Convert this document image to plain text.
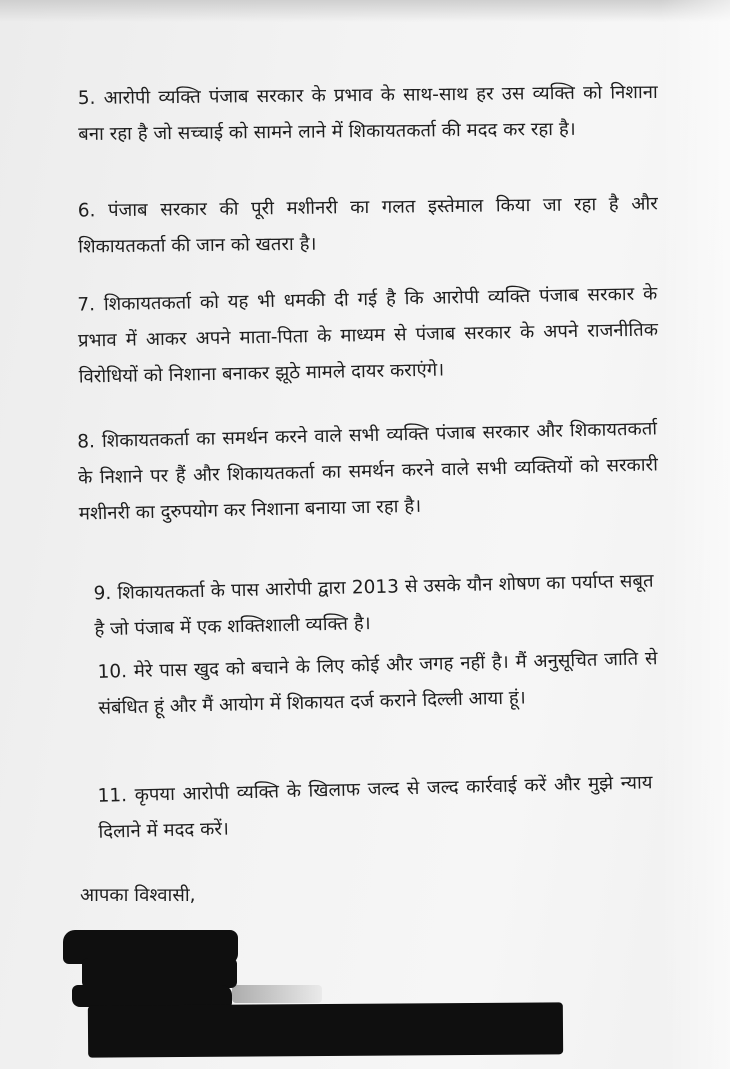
5. आरोपी व्यक्ति पंजाब सरकार के प्रभाव के साथ-साथ हर उस व्यक्ति को निशाना बना रहा है जो सच्चाई को सामने लाने में शिकायतकर्ता की मदद कर रहा है।

6. पंजाब सरकार की पूरी मशीनरी का गलत इस्तेमाल किया जा रहा है और शिकायतकर्ता की जान को खतरा है।

7. शिकायतकर्ता को यह भी धमकी दी गई है कि आरोपी व्यक्ति पंजाब सरकार के प्रभाव में आकर अपने माता-पिता के माध्यम से पंजाब सरकार के अपने राजनीतिक विरोधियों को निशाना बनाकर झूठे मामले दायर कराएंगे।

8. शिकायतकर्ता का समर्थन करने वाले सभी व्यक्ति पंजाब सरकार और शिकायतकर्ता के निशाने पर हैं और शिकायतकर्ता का समर्थन करने वाले सभी व्यक्तियों को सरकारी मशीनरी का दुरुपयोग कर निशाना बनाया जा रहा है।

9. शिकायतकर्ता के पास आरोपी द्वारा 2013 से उसके यौन शोषण का पर्याप्त सबूत है जो पंजाब में एक शक्तिशाली व्यक्ति है।

10. मेरे पास खुद को बचाने के लिए कोई और जगह नहीं है। मैं अनुसूचित जाति से संबंधित हूं और मैं आयोग में शिकायत दर्ज कराने दिल्ली आया हूं।

11. कृपया आरोपी व्यक्ति के खिलाफ जल्द से जल्द कार्रवाई करें और मुझे न्याय दिलाने में मदद करें।

आपका विश्वासी,
